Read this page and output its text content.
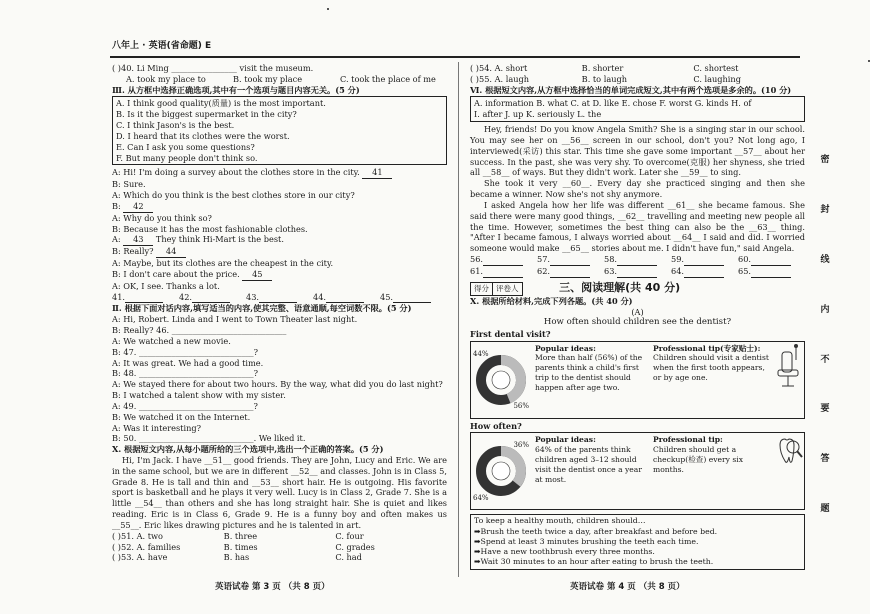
八年上 · 英语(省命题) E
( )40. Li Ming ________________ visit the museum.
A. took my place to	B. took my place	C. took the place of me
Ⅲ. 从方框中选择正确选项,其中有一个选项与题目内容无关。(5 分)
A. I think good quality(质量) is the most important.
B. Is it the biggest supermarket in the city?
C. I think Jason's is the best.
D. I heard that its clothes were the worst.
E. Can I ask you some questions?
F. But many people don't think so.
A: Hi! I'm doing a survey about the clothes store in the city. 41
B: Sure.
A: Which do you think is the best clothes store in our city?
B: 42
A: Why do you think so?
B: Because it has the most fashionable clothes.
A: 43 They think Hi-Mart is the best.
B: Really? 44
A: Maybe, but its clothes are the cheapest in the city.
B: I don't care about the price. 45
A: OK, I see. Thanks a lot.
41.	42.	43.	44.	45.
Ⅱ. 根据下面对话内容,填写适当的内容,使其完整、语意通顺,每空词数不限。(5 分)
A: Hi, Robert. Linda and I went to Town Theater last night.
B: Really? 46. ____________________________
A: We watched a new movie.
B: 47. ____________________________?
A: It was great. We had a good time.
B: 48. ____________________________?
A: We stayed there for about two hours. By the way, what did you do last night?
B: I watched a talent show with my sister.
A: 49. ____________________________?
B: We watched it on the Internet.
A: Was it interesting?
B: 50. ____________________________. We liked it.
Ⅹ. 根据短文内容,从每小题所给的三个选项中,选出一个正确的答案。(5 分)
Hi, I'm Jack. I have __51__ good friends. They are John, Lucy and Eric. We are in the same school, but we are in different __52__ and classes. John is in Class 5, Grade 8. He is tall and thin and __53__ short hair. He is outgoing. His favorite sport is basketball and he plays it very well. Lucy is in Class 2, Grade 7. She is a little __54__ than others and she has long straight hair. She is quiet and likes reading. Eric is in Class 6, Grade 9. He is a funny boy and often makes us __55__. Eric likes drawing pictures and he is talented in art.
( )51. A. two	B. three	C. four
( )52. A. families	B. times	C. grades
( )53. A. have	B. has	C. had
( )54. A. short	B. shorter	C. shortest
( )55. A. laugh	B. to laugh	C. laughing
Ⅵ. 根据短文内容,从方框中选择恰当的单词完成短文,其中有两个选项是多余的。(10 分)
A. information B. what C. at D. like E. chose F. worst G. kinds H. of
I. after J. up K. seriously L. the
Hey, friends! Do you know Angela Smith? She is a singing star in our school. You may see her on __56__ screen in our school, don't you? Not long ago, I interviewed(采访) this star. This time she gave some important __57__ about her success. In the past, she was very shy. To overcome(克服) her shyness, she tried all __58__ of ways. But they didn't work. Later she __59__ to sing.
She took it very __60__. Every day she practiced singing and then she became a winner. Now she's not shy anymore.
I asked Angela how her life was different __61__ she became famous. She said there were many good things, __62__ travelling and meeting new people all the time. However, sometimes the best thing can also be the __63__ thing. "After I became famous, I always worried about __64__ I said and did. I worried someone would make __65__ stories about me. I didn't have fun," said Angela.
56.	57.	58.	59.	60.
61.	62.	63.	64.	65.
得分 评卷人	三、阅读理解(共 40 分)
Ⅹ. 根据所给材料,完成下列各题。(共 40 分)
(A)
How often should children see the dentist?
First dental visit?
44%
56%
Popular ideas:
More than half (56%) of the parents think a child's first trip to the dentist should happen after age two.
Professional tip(专家贴士):
Children should visit a dentist when the first tooth appears, or by age one.
How often?
36%
64%
Popular ideas:
64% of the parents think children aged 3–12 should visit the dentist once a year at most.
Professional tip:
Children should get a checkup(检查) every six months.
To keep a healthy mouth, children should…
➡Brush the teeth twice a day, after breakfast and before bed.
➡Spend at least 3 minutes brushing the teeth each time.
➡Have a new toothbrush every three months.
➡Wait 30 minutes to an hour after eating to brush the teeth.
英语试卷 第 3 页 （共 8 页）	英语试卷 第 4 页 （共 8 页）
密
封
线
内
不
要
答
题
